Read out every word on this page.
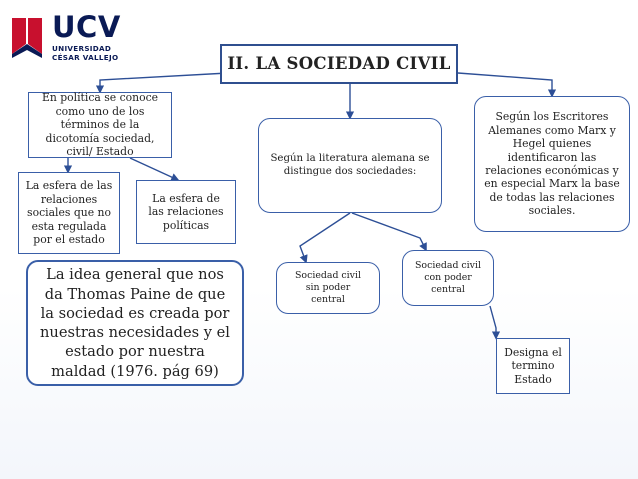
UCV
UNIVERSIDAD
CÉSAR VALLEJO	II. LA SOCIEDAD CIVIL
En política se conoce como uno de los términos de la dicotomía sociedad, civil/ Estado
La esfera de las relaciones sociales que no esta regulada por el estado
La esfera de las relaciones políticas
Según la literatura alemana se distingue dos sociedades:
Según los Escritores Alemanes como Marx y Hegel quienes identificaron las relaciones económicas y en especial Marx la base de todas las relaciones sociales.
La idea general que nos da Thomas Paine de que la sociedad es creada por nuestras necesidades y el estado por nuestra maldad (1976. pág 69)
Sociedad civil sin poder central
Sociedad civil con poder central
Designa el termino Estado
